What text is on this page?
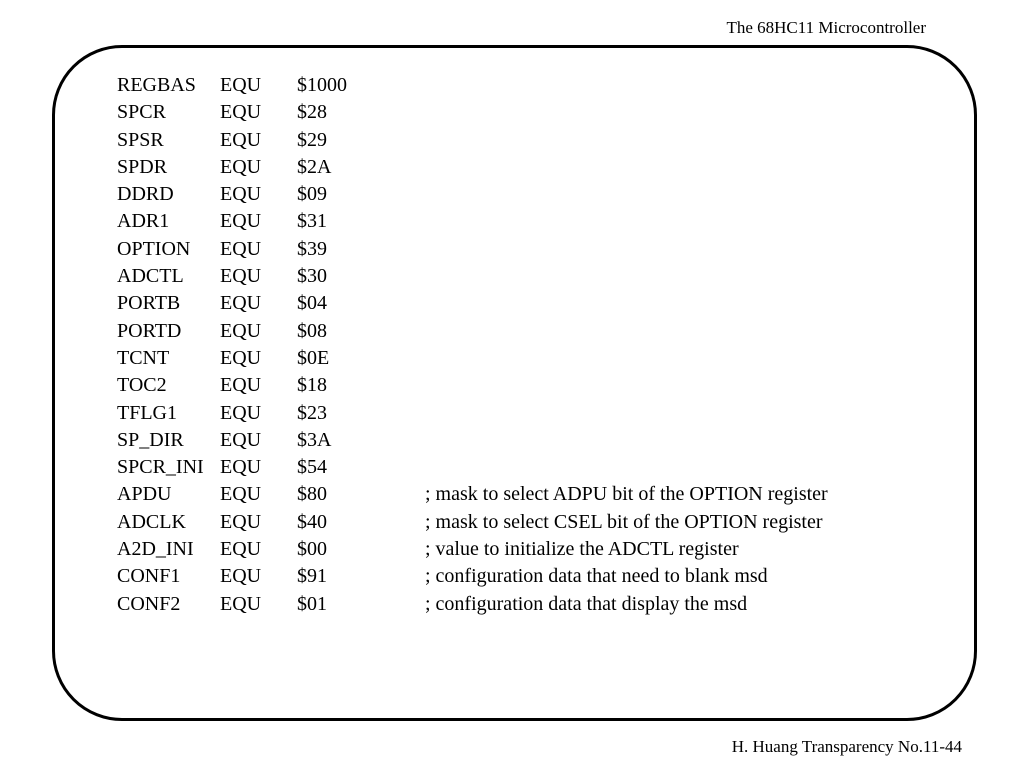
The 68HC11 Microcontroller
REGBAS	EQU	$1000	
SPCR	EQU	$28	
SPSR	EQU	$29	
SPDR	EQU	$2A	
DDRD	EQU	$09	
ADR1	EQU	$31	
OPTION	EQU	$39	
ADCTL	EQU	$30	
PORTB	EQU	$04	
PORTD	EQU	$08	
TCNT	EQU	$0E	
TOC2	EQU	$18	
TFLG1	EQU	$23	
SP_DIR	EQU	$3A	
SPCR_INI	EQU	$54	
APDU	EQU	$80	; mask to select ADPU bit of the OPTION register
ADCLK	EQU	$40	; mask to select CSEL bit of the OPTION register
A2D_INI	EQU	$00	; value to initialize the ADCTL register
CONF1	EQU	$91	; configuration data that need to blank msd
CONF2	EQU	$01	; configuration data that display the msd
H. Huang Transparency No.11-44
